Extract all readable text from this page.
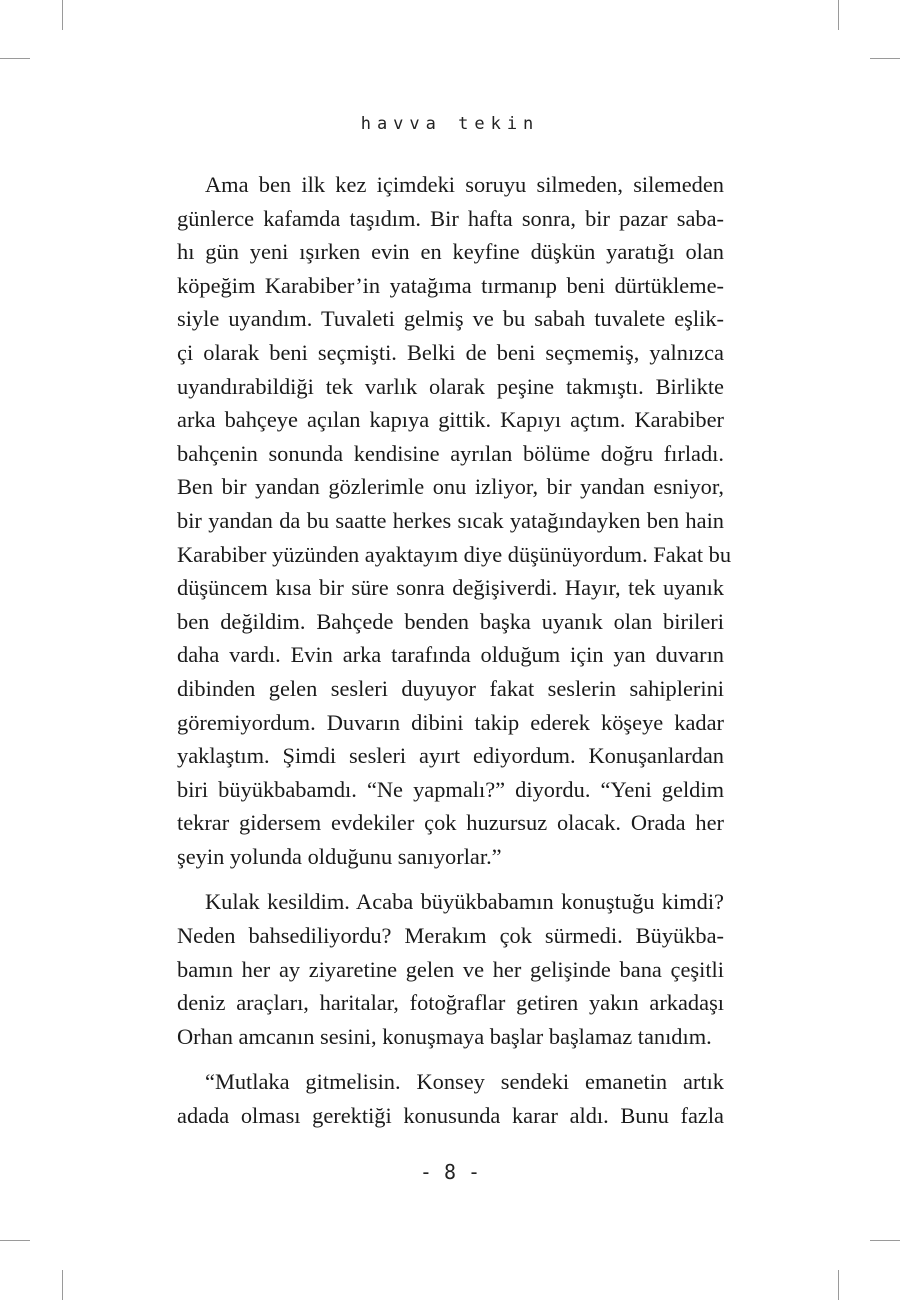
havva tekin

Ama ben ilk kez içimdeki soruyu silmeden, silemeden
günlerce kafamda taşıdım. Bir hafta sonra, bir pazar saba-
hı gün yeni ışırken evin en keyfine düşkün yaratığı olan
köpeğim Karabiber’in yatağıma tırmanıp beni dürtükleme-
siyle uyandım. Tuvaleti gelmiş ve bu sabah tuvalete eşlik-
çi olarak beni seçmişti. Belki de beni seçmemiş, yalnızca
uyandırabildiği tek varlık olarak peşine takmıştı. Birlikte
arka bahçeye açılan kapıya gittik. Kapıyı açtım. Karabiber
bahçenin sonunda kendisine ayrılan bölüme doğru fırladı.
Ben bir yandan gözlerimle onu izliyor, bir yandan esniyor,
bir yandan da bu saatte herkes sıcak yatağındayken ben hain
Karabiber yüzünden ayaktayım diye düşünüyordum. Fakat bu
düşüncem kısa bir süre sonra değişiverdi. Hayır, tek uyanık
ben değildim. Bahçede benden başka uyanık olan birileri
daha vardı. Evin arka tarafında olduğum için yan duvarın
dibinden gelen sesleri duyuyor fakat seslerin sahiplerini
göremiyordum. Duvarın dibini takip ederek köşeye kadar
yaklaştım. Şimdi sesleri ayırt ediyordum. Konuşanlardan
biri büyükbabamdı. “Ne yapmalı?” diyordu. “Yeni geldim
tekrar gidersem evdekiler çok huzursuz olacak. Orada her
şeyin yolunda olduğunu sanıyorlar.”

Kulak kesildim. Acaba büyükbabamın konuştuğu kimdi?
Neden bahsediliyordu? Merakım çok sürmedi. Büyükba-
bamın her ay ziyaretine gelen ve her gelişinde bana çeşitli
deniz araçları, haritalar, fotoğraflar getiren yakın arkadaşı
Orhan amcanın sesini, konuşmaya başlar başlamaz tanıdım.

“Mutlaka gitmelisin. Konsey sendeki emanetin artık
adada olması gerektiği konusunda karar aldı. Bunu fazla

- 8 -
